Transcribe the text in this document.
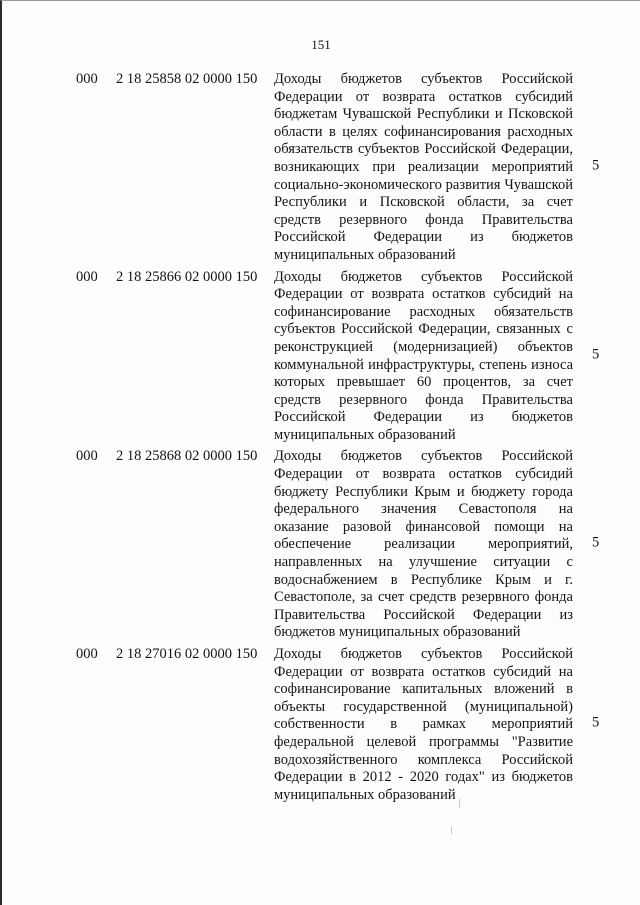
151
000 2 18 25858 02 0000 150 Доходы бюджетов субъектов Российской Федерации от возврата остатков субсидий бюджетам Чувашской Республики и Псковской области в целях софинансирования расходных обязательств субъектов Российской Федерации, возникающих при реализации мероприятий социально-экономического развития Чувашской Республики и Псковской области, за счет средств резервного фонда Правительства Российской Федерации из бюджетов муниципальных образований
5
000 2 18 25866 02 0000 150 Доходы бюджетов субъектов Российской Федерации от возврата остатков субсидий на софинансирование расходных обязательств субъектов Российской Федерации, связанных с реконструкцией (модернизацией) объектов коммунальной инфраструктуры, степень износа которых превышает 60 процентов, за счет средств резервного фонда Правительства Российской Федерации из бюджетов муниципальных образований
5
000 2 18 25868 02 0000 150 Доходы бюджетов субъектов Российской Федерации от возврата остатков субсидий бюджету Республики Крым и бюджету города федерального значения Севастополя на оказание разовой финансовой помощи на обеспечение реализации мероприятий, направленных на улучшение ситуации с водоснабжением в Республике Крым и г. Севастополе, за счет средств резервного фонда Правительства Российской Федерации из бюджетов муниципальных образований
5
000 2 18 27016 02 0000 150 Доходы бюджетов субъектов Российской Федерации от возврата остатков субсидий на софинансирование капитальных вложений в объекты государственной (муниципальной) собственности в рамках мероприятий федеральной целевой программы "Развитие водохозяйственного комплекса Российской Федерации в 2012 - 2020 годах" из бюджетов муниципальных образований
5
